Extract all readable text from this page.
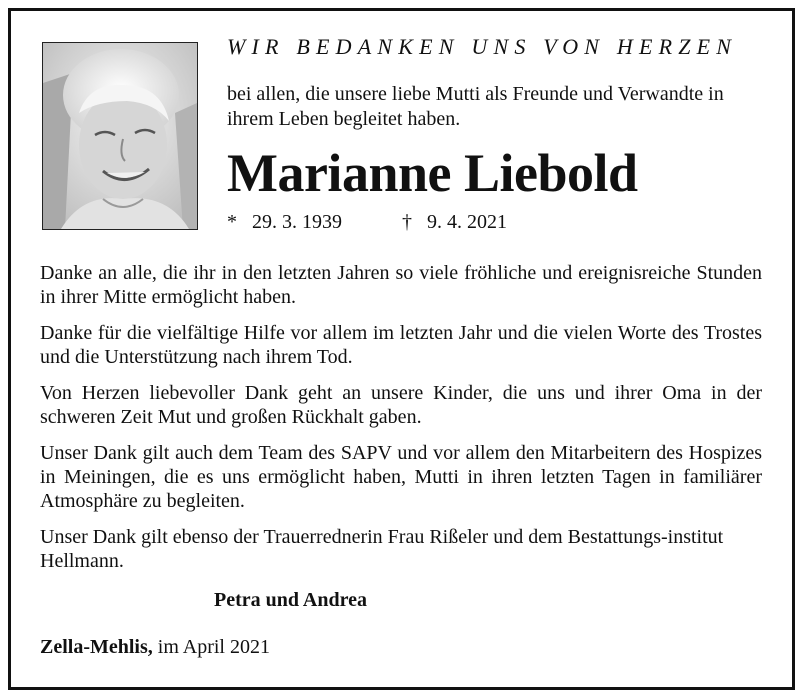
WIR BEDANKEN UNS VON HERZEN
bei allen, die unsere liebe Mutti als Freunde und Verwandte in ihrem Leben begleitet haben.
Marianne Liebold
* 29. 3. 1939	† 9. 4. 2021

Danke an alle, die ihr in den letzten Jahren so viele fröhliche und ereignisreiche Stunden in ihrer Mitte ermöglicht haben.

Danke für die vielfältige Hilfe vor allem im letzten Jahr und die vielen Worte des Trostes und die Unterstützung nach ihrem Tod.

Von Herzen liebevoller Dank geht an unsere Kinder, die uns und ihrer Oma in der schweren Zeit Mut und großen Rückhalt gaben.

Unser Dank gilt auch dem Team des SAPV und vor allem den Mitarbeitern des Hospizes in Meiningen, die es uns ermöglicht haben, Mutti in ihren letzten Tagen in familiärer Atmosphäre zu begleiten.

Unser Dank gilt ebenso der Trauerrednerin Frau Rißeler und dem Bestattungs-institut Hellmann.

Petra und Andrea
Zella-Mehlis, im April 2021
